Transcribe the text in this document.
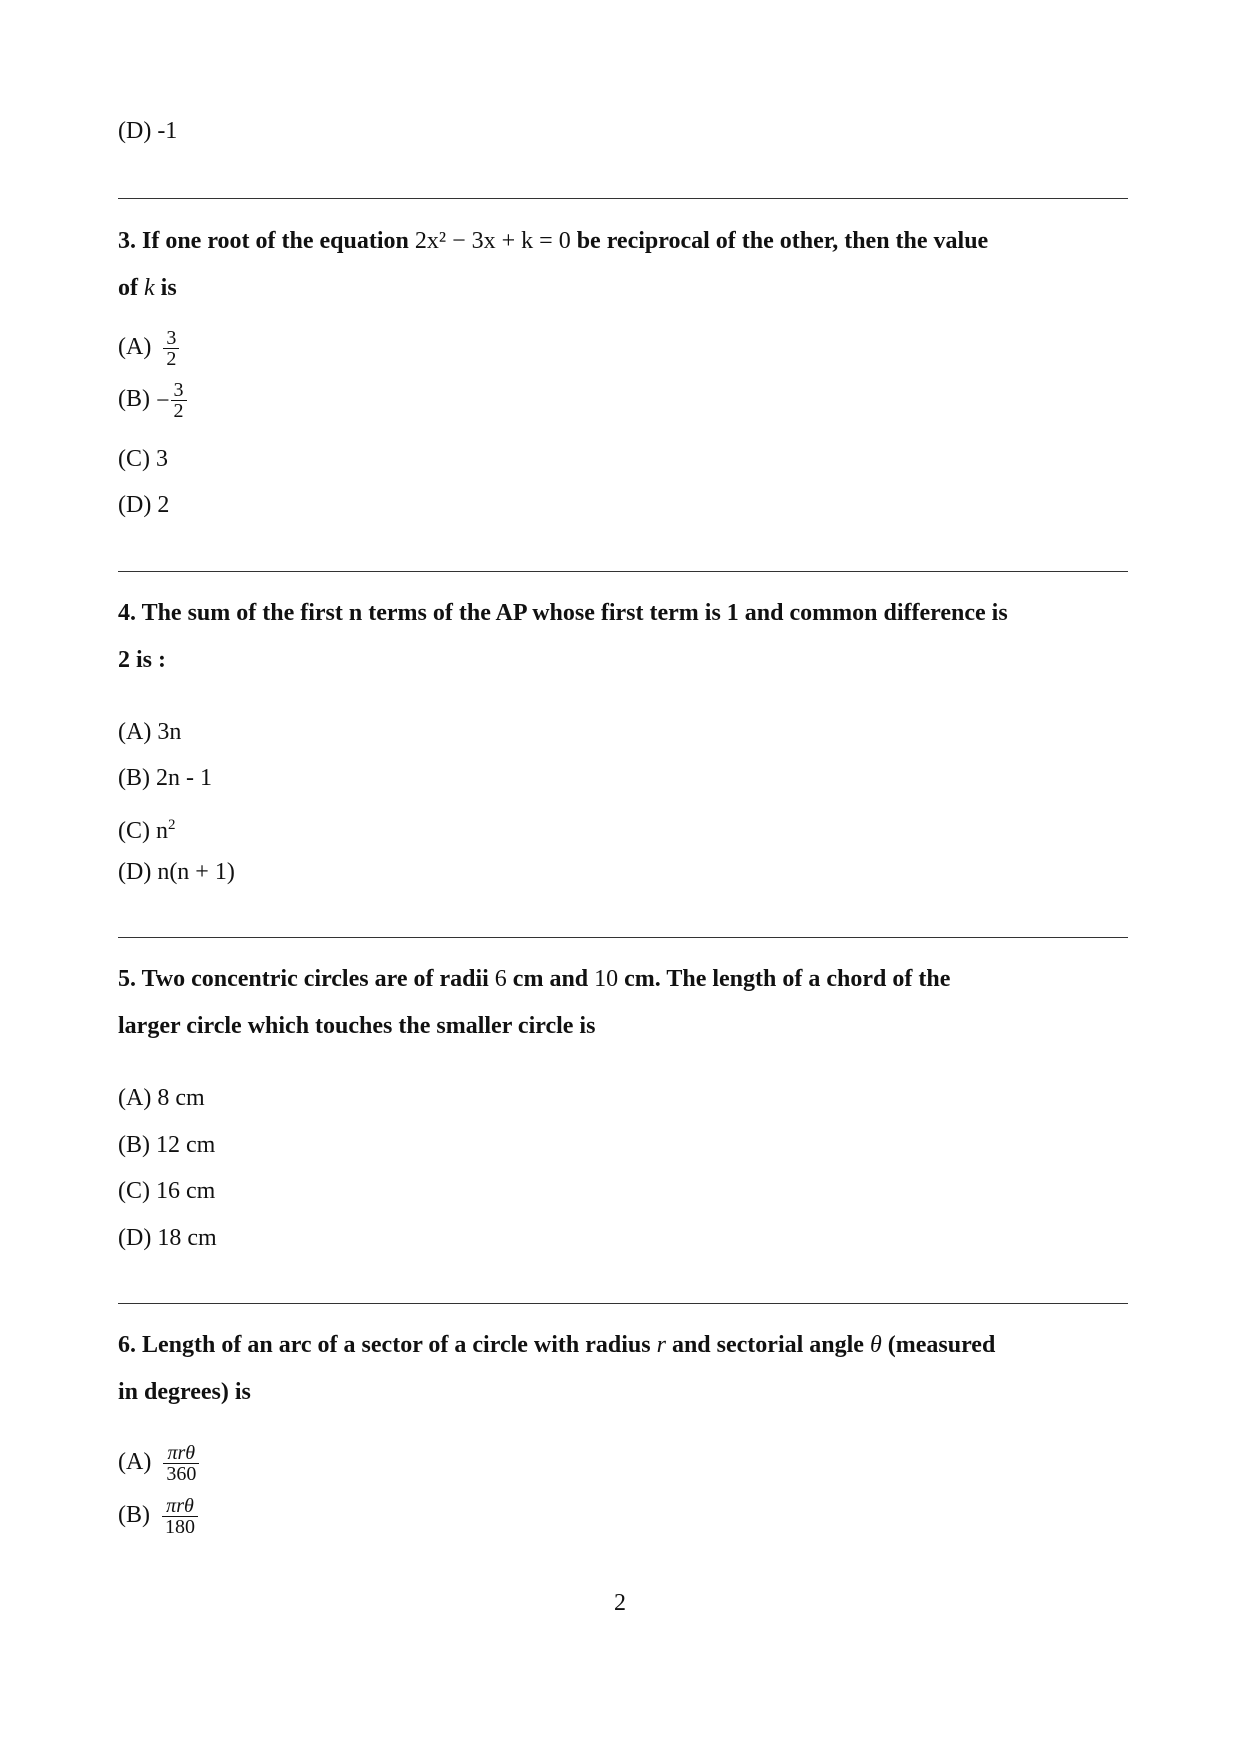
(D) -1
3. If one root of the equation 2x² − 3x + k = 0 be reciprocal of the other, then the value
of k is
$(A) \frac{3}{2}$
$(B) - \frac{3}{2}$
(C) 3
(D) 2
4. The sum of the first n terms of the AP whose first term is 1 and common difference is
2 is :
(A) 3n
(B) 2n - 1
(C) $n^2$
(D) n(n + 1)
5. Two concentric circles are of radii 6 cm and 10 cm. The length of a chord of the
larger circle which touches the smaller circle is
(A) 8 cm
(B) 12 cm
(C) 16 cm
(D) 18 cm
6. Length of an arc of a sector of a circle with radius r and sectorial angle θ (measured
in degrees) is
$(A) \frac{\text{πrθ}}{360}$
$(B) \frac{\text{πrθ}}{180}$
2
